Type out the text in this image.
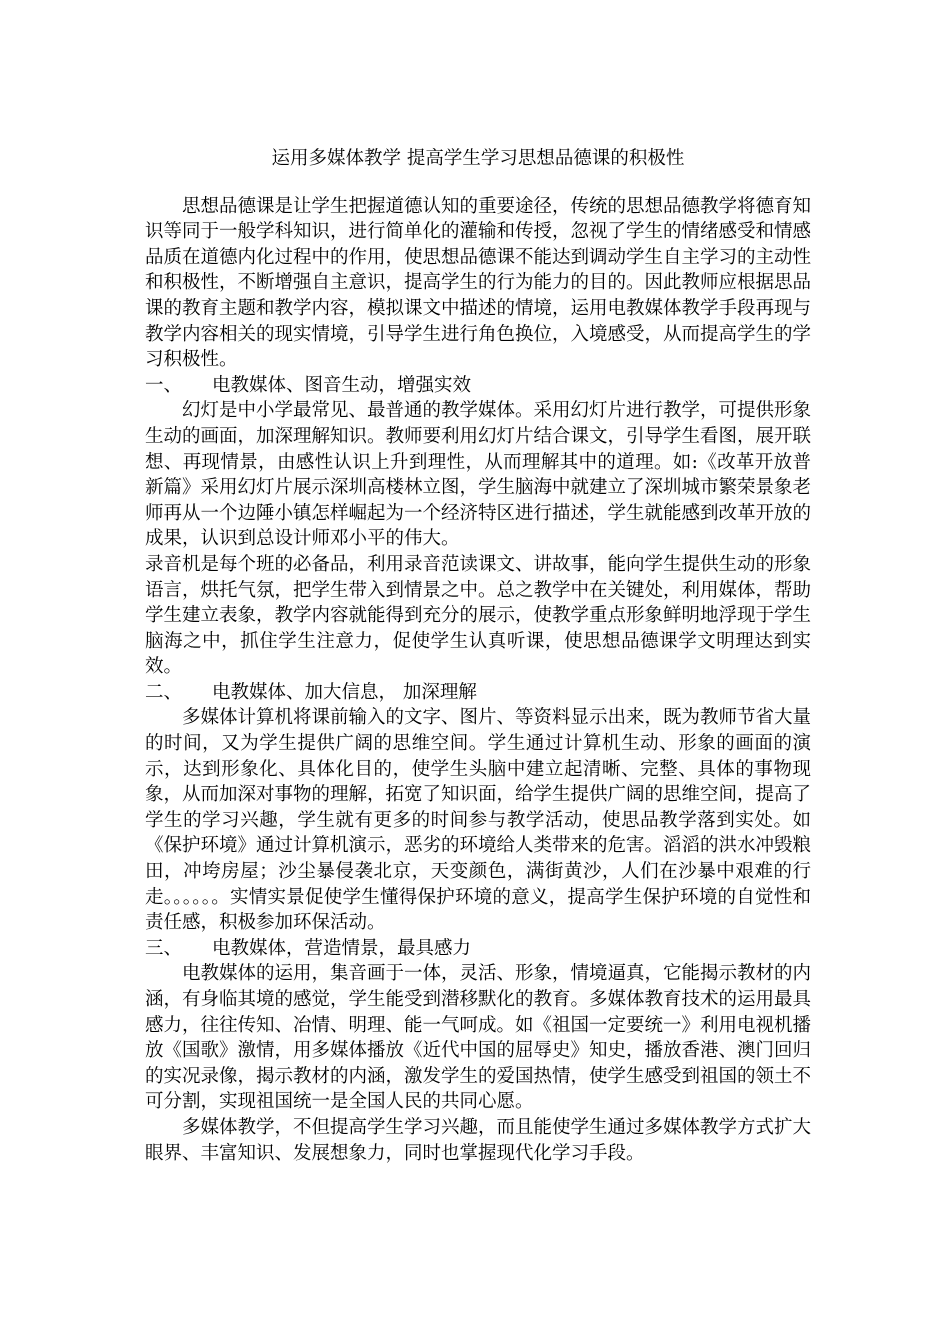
运用多媒体教学 提高学生学习思想品德课的积极性

思想品德课是让学生把握道德认知的重要途径，传统的思想品德教学将德育知识等同于一般学科知识，进行简单化的灌输和传授，忽视了学生的情绪感受和情感品质在道德内化过程中的作用，使思想品德课不能达到调动学生自主学习的主动性和积极性，不断增强自主意识，提高学生的行为能力的目的。因此教师应根据思品课的教育主题和教学内容，模拟课文中描述的情境，运用电教媒体教学手段再现与教学内容相关的现实情境，引导学生进行角色换位，入境感受，从而提高学生的学习积极性。

一、	电教媒体、图音生动，增强实效

幻灯是中小学最常见、最普通的教学媒体。采用幻灯片进行教学，可提供形象生动的画面，加深理解知识。教师要利用幻灯片结合课文，引导学生看图，展开联想、再现情景，由感性认识上升到理性，从而理解其中的道理。如:《改革开放普新篇》采用幻灯片展示深圳高楼林立图，学生脑海中就建立了深圳城市繁荣景象老师再从一个边陲小镇怎样崛起为一个经济特区进行描述，学生就能感到改革开放的成果，认识到总设计师邓小平的伟大。

录音机是每个班的必备品，利用录音范读课文、讲故事，能向学生提供生动的形象语言，烘托气氛，把学生带入到情景之中。总之教学中在关键处，利用媒体，帮助学生建立表象，教学内容就能得到充分的展示，使教学重点形象鲜明地浮现于学生脑海之中，抓住学生注意力，促使学生认真听课，使思想品德课学文明理达到实效。

二、	电教媒体、加大信息， 加深理解

多媒体计算机将课前输入的文字、图片、等资料显示出来，既为教师节省大量的时间，又为学生提供广阔的思维空间。学生通过计算机生动、形象的画面的演示，达到形象化、具体化目的，使学生头脑中建立起清晰、完整、具体的事物现象，从而加深对事物的理解，拓宽了知识面，给学生提供广阔的思维空间，提高了学生的学习兴趣，学生就有更多的时间参与教学活动，使思品教学落到实处。如《保护环境》通过计算机演示，恶劣的环境给人类带来的危害。滔滔的洪水冲毁粮田，冲垮房屋；沙尘暴侵袭北京，天变颜色，满街黄沙，人们在沙暴中艰难的行走。。。。。。实情实景促使学生懂得保护环境的意义，提高学生保护环境的自觉性和责任感，积极参加环保活动。

三、	电教媒体，营造情景，最具感力

电教媒体的运用，集音画于一体，灵活、形象，情境逼真，它能揭示教材的内涵，有身临其境的感觉，学生能受到潜移默化的教育。多媒体教育技术的运用最具感力，往往传知、冶情、明理、能一气呵成。如《祖国一定要统一》利用电视机播放《国歌》激情，用多媒体播放《近代中国的屈辱史》知史，播放香港、澳门回归的实况录像，揭示教材的内涵，激发学生的爱国热情，使学生感受到祖国的领土不可分割，实现祖国统一是全国人民的共同心愿。

多媒体教学，不但提高学生学习兴趣，而且能使学生通过多媒体教学方式扩大眼界、丰富知识、发展想象力，同时也掌握现代化学习手段。
